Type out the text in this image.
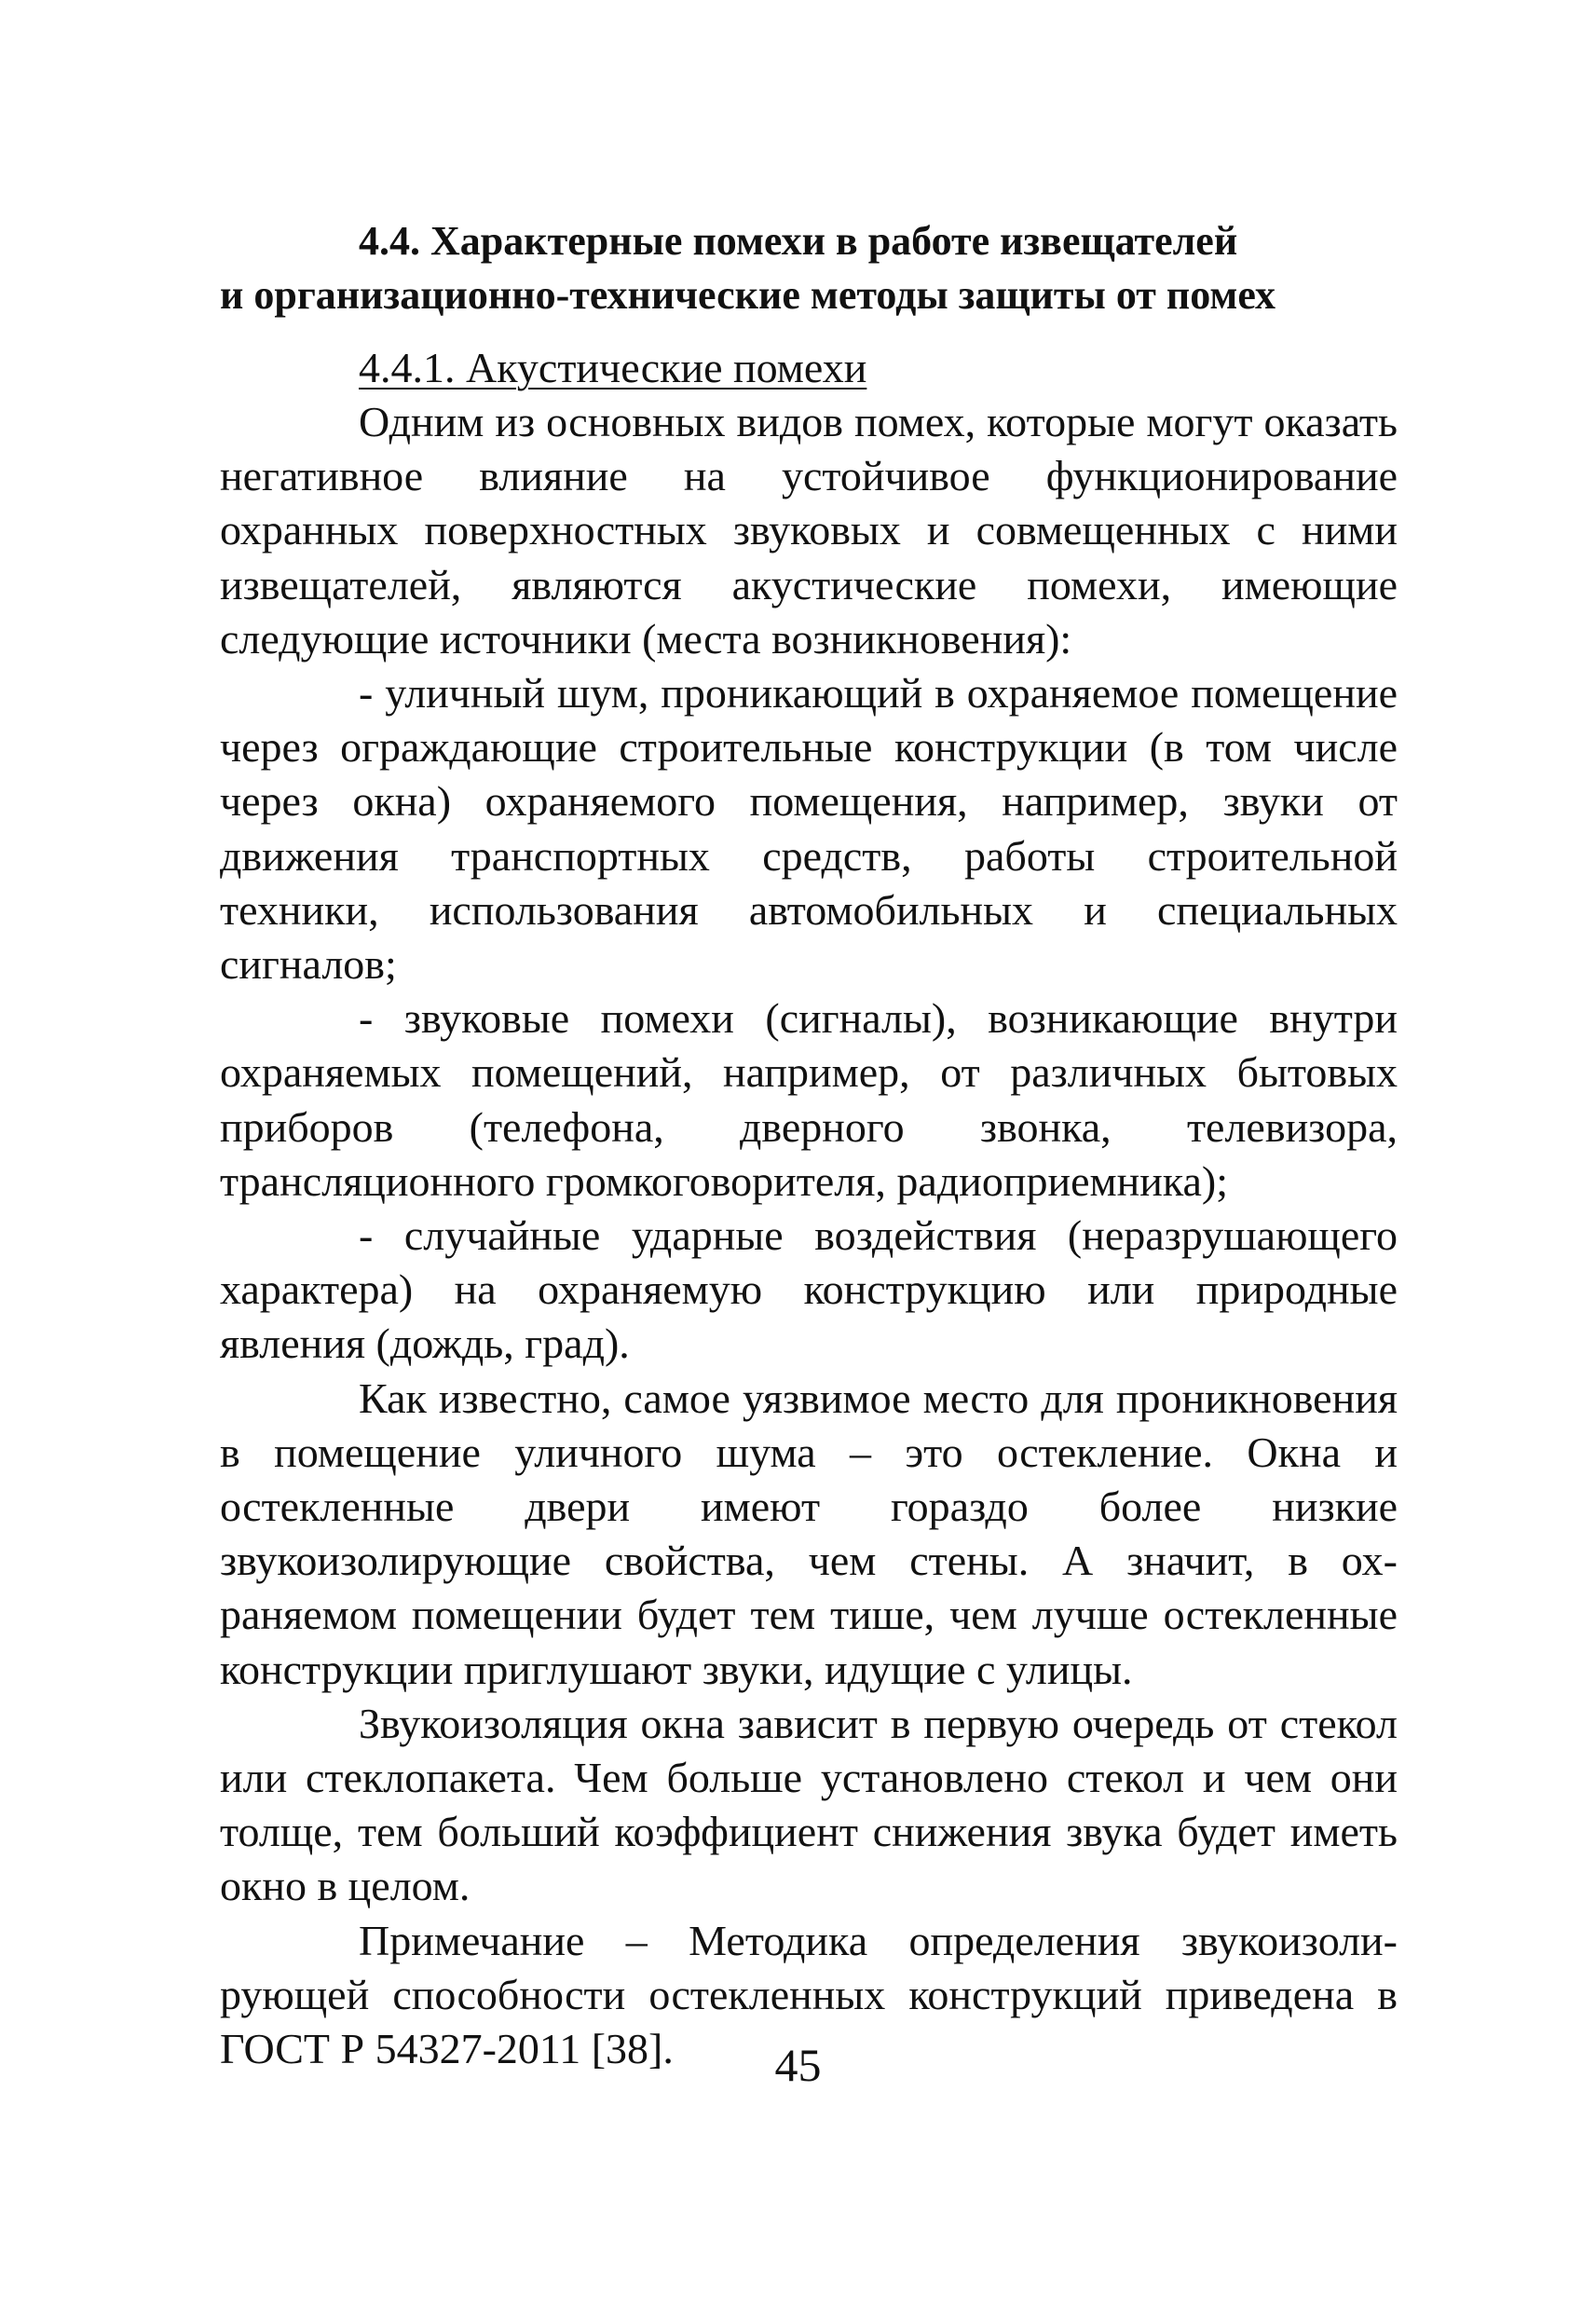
4.4. Характерные помехи в работе извещателей
и организационно-технические методы защиты от помех

4.4.1. Акустические помехи

Одним из основных видов помех, которые могут оказать негативное влияние на устойчивое функционирование охранных поверхностных звуковых и совмещенных с ними извещателей, являются акустические помехи, имеющие следующие источники (места возникновения):

- уличный шум, проникающий в охраняемое помещение через ограждающие строительные конструкции (в том числе через окна) охраняемого помещения, например, звуки от движения транспортных средств, работы строительной техники, использования автомобильных и специальных сигналов;

- звуковые помехи (сигналы), возникающие внутри охраняемых помещений, например, от различных бытовых приборов (телефона, дверного звонка, телевизора, трансляционного громкоговорителя, радиоприемника);

- случайные ударные воздействия (неразрушающего характера) на охраняемую конструкцию или природные явления (дождь, град).

Как известно, самое уязвимое место для проникновения в помещение уличного шума – это остекление. Окна и остекленные двери имеют гораздо более низкие звукоизолирующие свойства, чем стены. А значит, в охраняемом помещении будет тем тише, чем лучше остекленные конструкции приглушают звуки, идущие с улицы.

Звукоизоляция окна зависит в первую очередь от стекол или стеклопакета. Чем больше установлено стекол и чем они толще, тем больший коэффициент снижения звука будет иметь окно в целом.

Примечание – Методика определения звукоизолирующей способности остекленных конструкций приведена в ГОСТ Р 54327-2011 [38].	45
